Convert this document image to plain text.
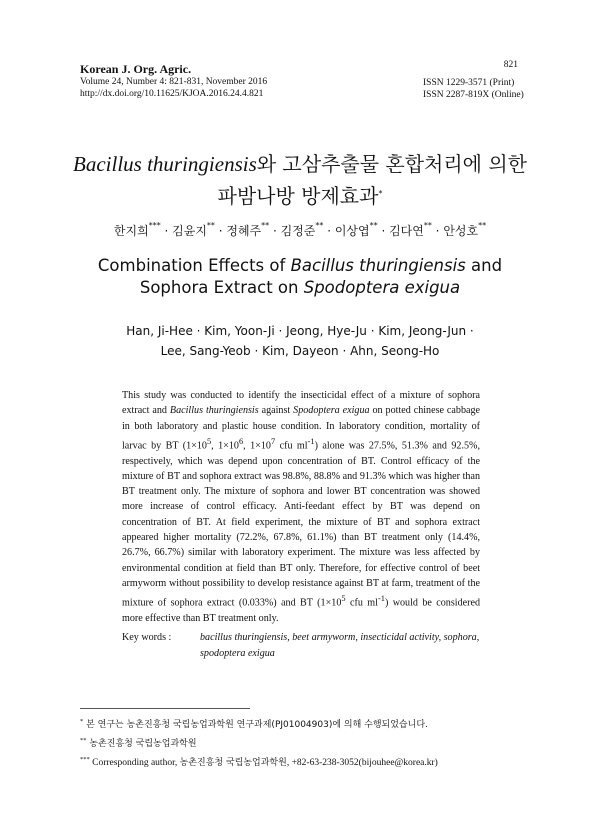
Korean J. Org. Agric.
Volume 24, Number 4: 821-831, November 2016
http://dx.doi.org/10.11625/KJOA.2016.24.4.821
821
ISSN 1229-3571 (Print)
ISSN 2287-819X (Online)
Bacillus thuringiensis와 고삼추출물 혼합처리에 의한
파밤나방 방제효과*
한지희*** · 김윤지** · 정혜주** · 김정준** · 이상엽** · 김다연** · 안성호**
Combination Effects of Bacillus thuringiensis and
Sophora Extract on Spodoptera exigua
Han, Ji-Hee · Kim, Yoon-Ji · Jeong, Hye-Ju · Kim, Jeong-Jun ·
Lee, Sang-Yeob · Kim, Dayeon · Ahn, Seong-Ho

This study was conducted to identify the insecticidal effect of a mixture of sophora extract and Bacillus thuringiensis against Spodoptera exigua on potted chinese cabbage in both laboratory and plastic house condition. In laboratory condition, mortality of larvac by BT ($1\times 10^5$, $1\times 10^6$, $1\times 10^7$ cfu $ml^{-1}$) alone was 27.5%, 51.3% and 92.5%, respectively, which was depend upon concentration of BT. Control efficacy of the mixture of BT and sophora extract was 98.8%, 88.8% and 91.3% which was higher than BT treatment only. The mixture of sophora and lower BT concentration was showed more increase of control efficacy. Anti-feedant effect by BT was depend on concentration of BT. At field experiment, the mixture of BT and sophora extract appeared higher mortality (72.2%, 67.8%, 61.1%) than BT treatment only (14.4%, 26.7%, 66.7%) similar with laboratory experiment. The mixture was less affected by environmental condition at field than BT only. Therefore, for effective control of beet armyworm without possibility to develop resistance against BT at farm, treatment of the mixture of sophora extract (0.033%) and BT ($1\times 10^5$ cfu $ml^{-1}$) would be considered more effective than BT treatment only.

Key words :	bacillus thuringiensis, beet armyworm, insecticidal activity, sophora, spodoptera exigua
* 본 연구는 농촌진흥청 국립농업과학원 연구과제(PJ01004903)에 의해 수행되었습니다.
** 농촌진흥청 국립농업과학원
*** Corresponding author, 농촌진흥청 국립농업과학원, +82-63-238-3052(bijouhee@korea.kr)
